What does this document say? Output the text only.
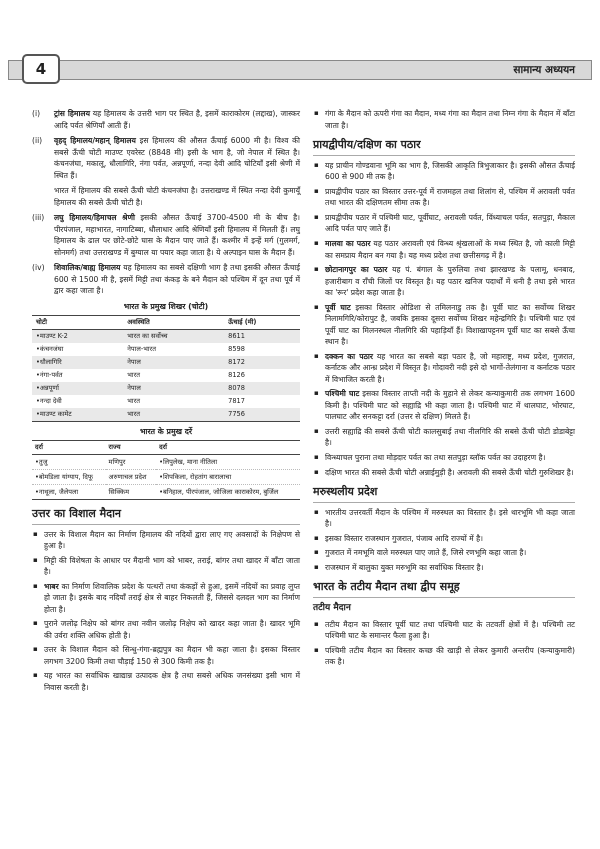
सामान्य अध्ययन
4
(i) ट्रांस हिमालय यह हिमालय के उत्तरी भाग पर स्थित है, इसमें काराकोरम (लद्दाख), जास्कर आदि पर्वत श्रेणियाँ आती हैं।
(ii) वृहद् हिमालय/महान् हिमालय इस हिमालय की औसत ऊँचाई 6000 मी है। विश्व की सबसे ऊँची चोटी माउण्ट एवरेस्ट (8848 मी) इसी के भाग है, जो नेपाल में स्थित है। कंचनजंघा, मकालू, धौलागिरि, नंगा पर्वत, अन्नपूर्णा, नन्दा देवी आदि चोटियाँ इसी श्रेणी में स्थित हैं।

भारत में हिमालय की सबसे ऊँची चोटी कंचनजंघा है। उत्तराखण्ड में स्थित नन्दा देवी कुमायूँ हिमालय की सबसे ऊँची चोटी है।

(iii) लघु हिमालय/हिमाचल श्रेणी इसकी औसत ऊँचाई 3700-4500 मी के बीच है। पीरपंजाल, महाभारत, नागाटिब्बा, धौलाधार आदि श्रेणियाँ इसी हिमालय में मिलती हैं। लघु हिमालय के ढाल पर छोटे-छोटे घास के मैदान पाए जाते हैं। कश्मीर में इन्हें मर्ग (गुलमर्ग, सोनमर्ग) तथा उत्तराखण्ड में बुग्याल या पयार कहा जाता है। ये अल्पाइन घास के मैदान हैं।
(iv) शिवालिक/बाह्य हिमालय यह हिमालय का सबसे दक्षिणी भाग है तथा इसकी औसत ऊँचाई 600 से 1500 मी है, इसमें मिट्टी तथा कंकड़ के बने मैदान को पश्चिम में दून तथा पूर्व में द्वार कहा जाता है।
भारत के प्रमुख शिखर (चोटी)
चोटी	अवस्थिति	ऊँचाई (मी)
• माउण्ट K-2	भारत का सर्वोच्च	8611
• कंचनजंघा	नेपाल-भारत	8598
• धौलागिरि	नेपाल	8172
• नंगा-पर्वत	भारत	8126
• अन्नपूर्णा	नेपाल	8078
• नन्दा देवी	भारत	7817
• माउण्ट कामेट	भारत	7756
भारत के प्रमुख दर्रे
दर्रा	राज्य	दर्रा
• तुजु	मणिपुर	• लिपुलेख, माना नीतिला
• बोमडिला यांग्याप, दिफू	अरुणाचल प्रदेश	• शिपकिला, रोहतांग बारालाचा
• नाथूला, जैलेपला	सिक्किम	• बनिहाल, पीरपंजाल, जोजिला काराकोरम, बुर्जिल
उत्तर का विशाल मैदान

▪ उत्तर के विशाल मैदान का निर्माण हिमालय की नदियों द्वारा लाए गए अवसादों के निक्षेपण से हुआ है।

▪ मिट्टी की विशेषता के आधार पर मैदानी भाग को भाबर, तराई, बांगर तथा खादर में बाँटा जाता है।

▪ भाबर का निर्माण शिवालिक प्रदेश के पत्थरों तथा कंकड़ों से हुआ, इसमें नदियों का प्रवाह लुप्त हो जाता है। इसके बाद नदियाँ तराई क्षेत्र से बाहर निकलती हैं, जिससे दलदल भाग का निर्माण होता है।

▪ पुराने जलोढ़ निक्षेप को बांगर तथा नवीन जलोढ़ निक्षेप को खादर कहा जाता है। खादर भूमि की उर्वरा शक्ति अधिक होती है।

▪ उत्तर के विशाल मैदान को सिन्धु-गंगा-ब्रह्मपुत्र का मैदान भी कहा जाता है। इसका विस्तार लगभग 3200 किमी तथा चौड़ाई 150 से 300 किमी तक है।

▪ यह भारत का सर्वाधिक खाद्यान्न उत्पादक क्षेत्र है तथा सबसे अधिक जनसंख्या इसी भाग में निवास करती है।

▪ गंगा के मैदान को ऊपरी गंगा का मैदान, मध्य गंगा का मैदान तथा निम्न गंगा के मैदान में बाँटा जाता है।

प्रायद्वीपीय/दक्षिण का पठार

▪ यह प्राचीन गोण्डवाना भूमि का भाग है, जिसकी आकृति त्रिभुजाकार है। इसकी औसत ऊँचाई 600 से 900 मी तक है।

▪ प्रायद्वीपीय पठार का विस्तार उत्तर-पूर्व में राजमहल तथा शिलांग से, पश्चिम में अरावली पर्वत तथा भारत की दक्षिणतम सीमा तक है।

▪ प्रायद्वीपीय पठार में पश्चिमी घाट, पूर्वीघाट, अरावली पर्वत, विंध्याचल पर्वत, सतपुड़ा, मैकाल आदि पर्वत पाए जाते हैं।

▪ मालवा का पठार यह पठार अरावली एवं विन्ध्य श्रृंखलाओं के मध्य स्थित है, जो काली मिट्टी का समप्राय मैदान बन गया है। यह मध्य प्रदेश तथा छत्तीसगढ़ में है।

▪ छोटानागपुर का पठार यह पं. बंगाल के पुरुलिया तथा झारखण्ड के पलामू, धनबाद, हजारीबाग व राँची जिलों पर विस्तृत है। यह पठार खनिज पदार्थों में धनी है तथा इसे भारत का 'रूर' प्रदेश कहा जाता है।

▪ पूर्वी घाट इसका विस्तार ओडिशा से तमिलनाडु तक है। पूर्वी घाट का सर्वोच्च शिखर निलामगिरि/कोरापुट है, जबकि इसका दूसरा सर्वोच्च शिखर महेन्द्रगिरि है। पश्चिमी घाट एवं पूर्वी घाट का मिलनस्थल नीलगिरि की पहाड़ियाँ हैं। विशाखापट्टनम पूर्वी घाट का सबसे ऊँचा स्थान है।

▪ दक्कन का पठार यह भारत का सबसे बड़ा पठार है, जो महाराष्ट्र, मध्य प्रदेश, गुजरात, कर्नाटक और आन्ध्र प्रदेश में विस्तृत है। गोदावरी नदी इसे दो भागों-तेलंगाना व कर्नाटक पठार में विभाजित करती है।

▪ पश्चिमी घाट इसका विस्तार ताप्ती नदी के मुहाने से लेकर कन्याकुमारी तक लगभग 1600 किमी है। पश्चिमी घाट को सह्याद्रि भी कहा जाता है। पश्चिमी घाट में थालघाट, भोरघाट, पालघाट और सनकट्टा दर्रा (उत्तर से दक्षिण) मिलते हैं।

▪ उत्तरी सह्याद्रि की सबसे ऊँची चोटी कालसुबाई तथा नीलगिरि की सबसे ऊँची चोटी डोडाबेट्टा है।

▪ विन्ध्याचल पुराना तथा मोड़दार पर्वत का तथा सतपुड़ा ब्लॉक पर्वत का उदाहरण है।

▪ दक्षिण भारत की सबसे ऊँची चोटी अन्नाईमुड़ी है। अरावली की सबसे ऊँची चोटी गुरुशिखर है।

मरुस्थलीय प्रदेश

▪ भारतीय उत्तरवर्ती मैदान के पश्चिम में मरुस्थल का विस्तार है। इसे थारभूमि भी कहा जाता है।

▪ इसका विस्तार राजस्थान गुजरात, पंजाब आदि राज्यों में है।

▪ गुजरात में नमभूमि वाले मरुस्थल पाए जाते हैं, जिसे रणभूमि कहा जाता है।

▪ राजस्थान में बालुका युक्त मरुभूमि का सर्वाधिक विस्तार है।

भारत के तटीय मैदान तथा द्वीप समूह
तटीय मैदान

▪ तटीय मैदान का विस्तार पूर्वी घाट तथा पश्चिमी घाट के तटवर्ती क्षेत्रों में है। पश्चिमी तट पश्चिमी घाट के समान्तर फैला हुआ है।

▪ पश्चिमी तटीय मैदान का विस्तार कच्छ की खाड़ी से लेकर कुमारी अन्तरीप (कन्याकुमारी) तक है।
